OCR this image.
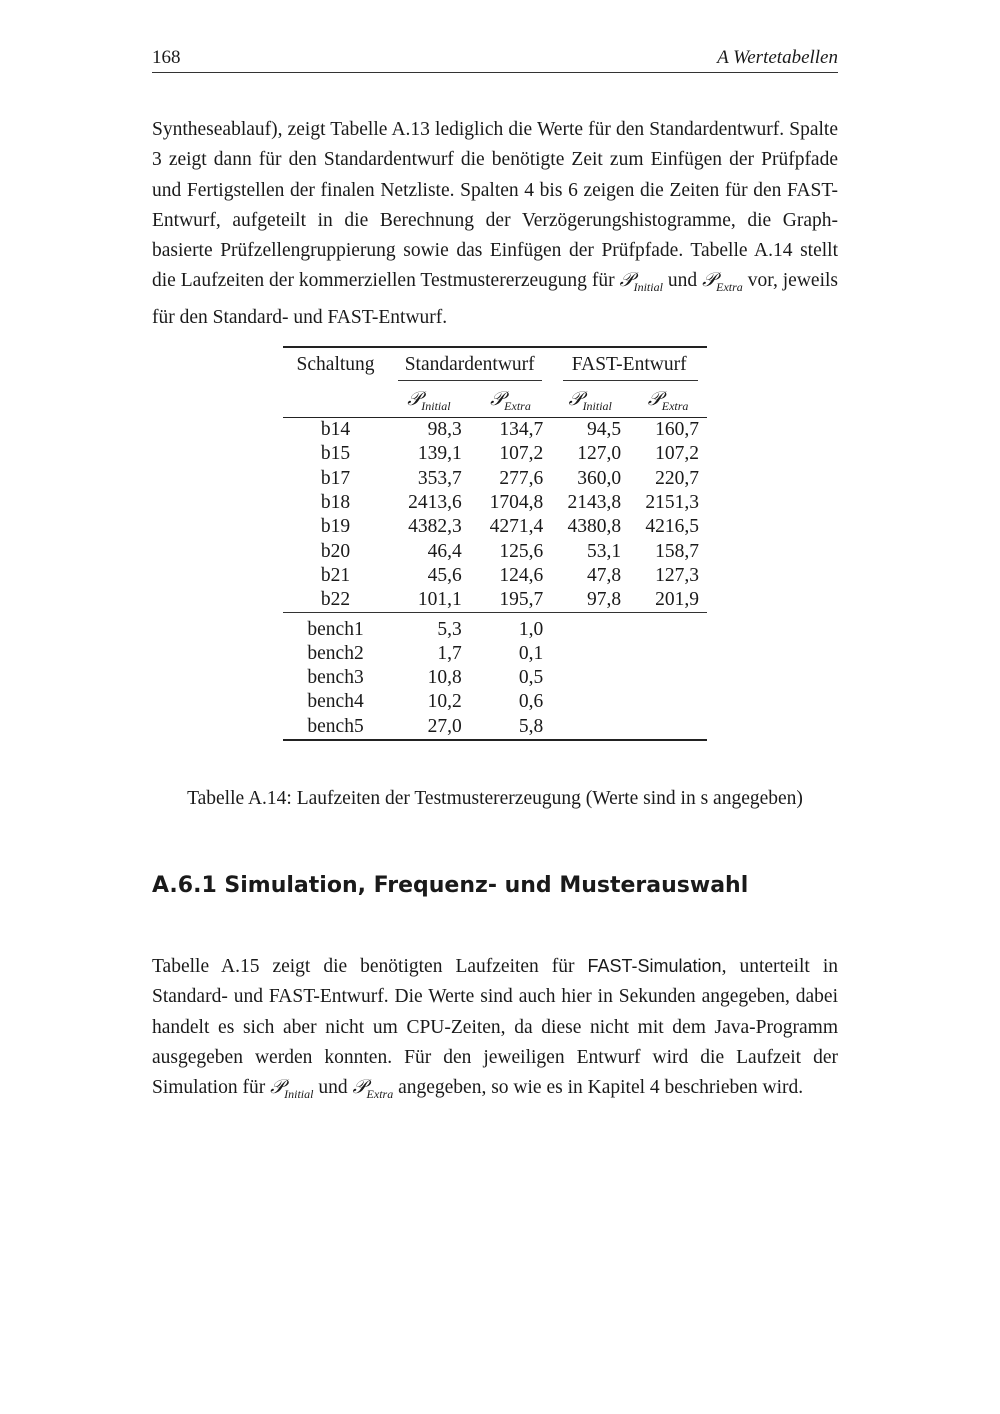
168	A Wertetabellen
Syntheseablauf), zeigt Tabelle A.13 lediglich die Werte für den Standardentwurf. Spalte 3 zeigt dann für den Standardentwurf die benötigte Zeit zum Einfügen der Prüfpfade und Fertigstellen der finalen Netzliste. Spalten 4 bis 6 zeigen die Zeiten für den FAST-Entwurf, aufgeteilt in die Berechnung der Verzögerungshistogramme, die Graph-basierte Prüfzellengruppierung sowie das Einfügen der Prüfpfade. Tabelle A.14 stellt die Laufzeiten der kommerziellen Testmustererzeugung für 𝒫$_{Initial}$ und 𝒫$_{Extra}$ vor, jeweils für den Standard- und FAST-Entwurf.
Schaltung	Standardentwurf		FAST-Entwurf	
	𝒫$_{Initial}$	𝒫$_{Extra}$	𝒫$_{Initial}$	𝒫$_{Extra}$
b14	98,3	134,7	94,5	160,7
b15	139,1	107,2	127,0	107,2
b17	353,7	277,6	360,0	220,7
b18	2413,6	1704,8	2143,8	2151,3
b19	4382,3	4271,4	4380,8	4216,5
b20	46,4	125,6	53,1	158,7
b21	45,6	124,6	47,8	127,3
b22	101,1	195,7	97,8	201,9
bench1	5,3	1,0		
bench2	1,7	0,1		
bench3	10,8	0,5		
bench4	10,2	0,6		
bench5	27,0	5,8		
Tabelle A.14: Laufzeiten der Testmustererzeugung (Werte sind in s angegeben)
A.6.1 Simulation, Frequenz- und Musterauswahl
Tabelle A.15 zeigt die benötigten Laufzeiten für FAST-Simulation, unterteilt in Standard- und FAST-Entwurf. Die Werte sind auch hier in Sekunden angegeben, dabei handelt es sich aber nicht um CPU-Zeiten, da diese nicht mit dem Java-Programm ausgegeben werden konnten. Für den jeweiligen Entwurf wird die Laufzeit der Simulation für 𝒫$_{Initial}$ und 𝒫$_{Extra}$ angegeben, so wie es in Kapitel 4 beschrieben wird.
